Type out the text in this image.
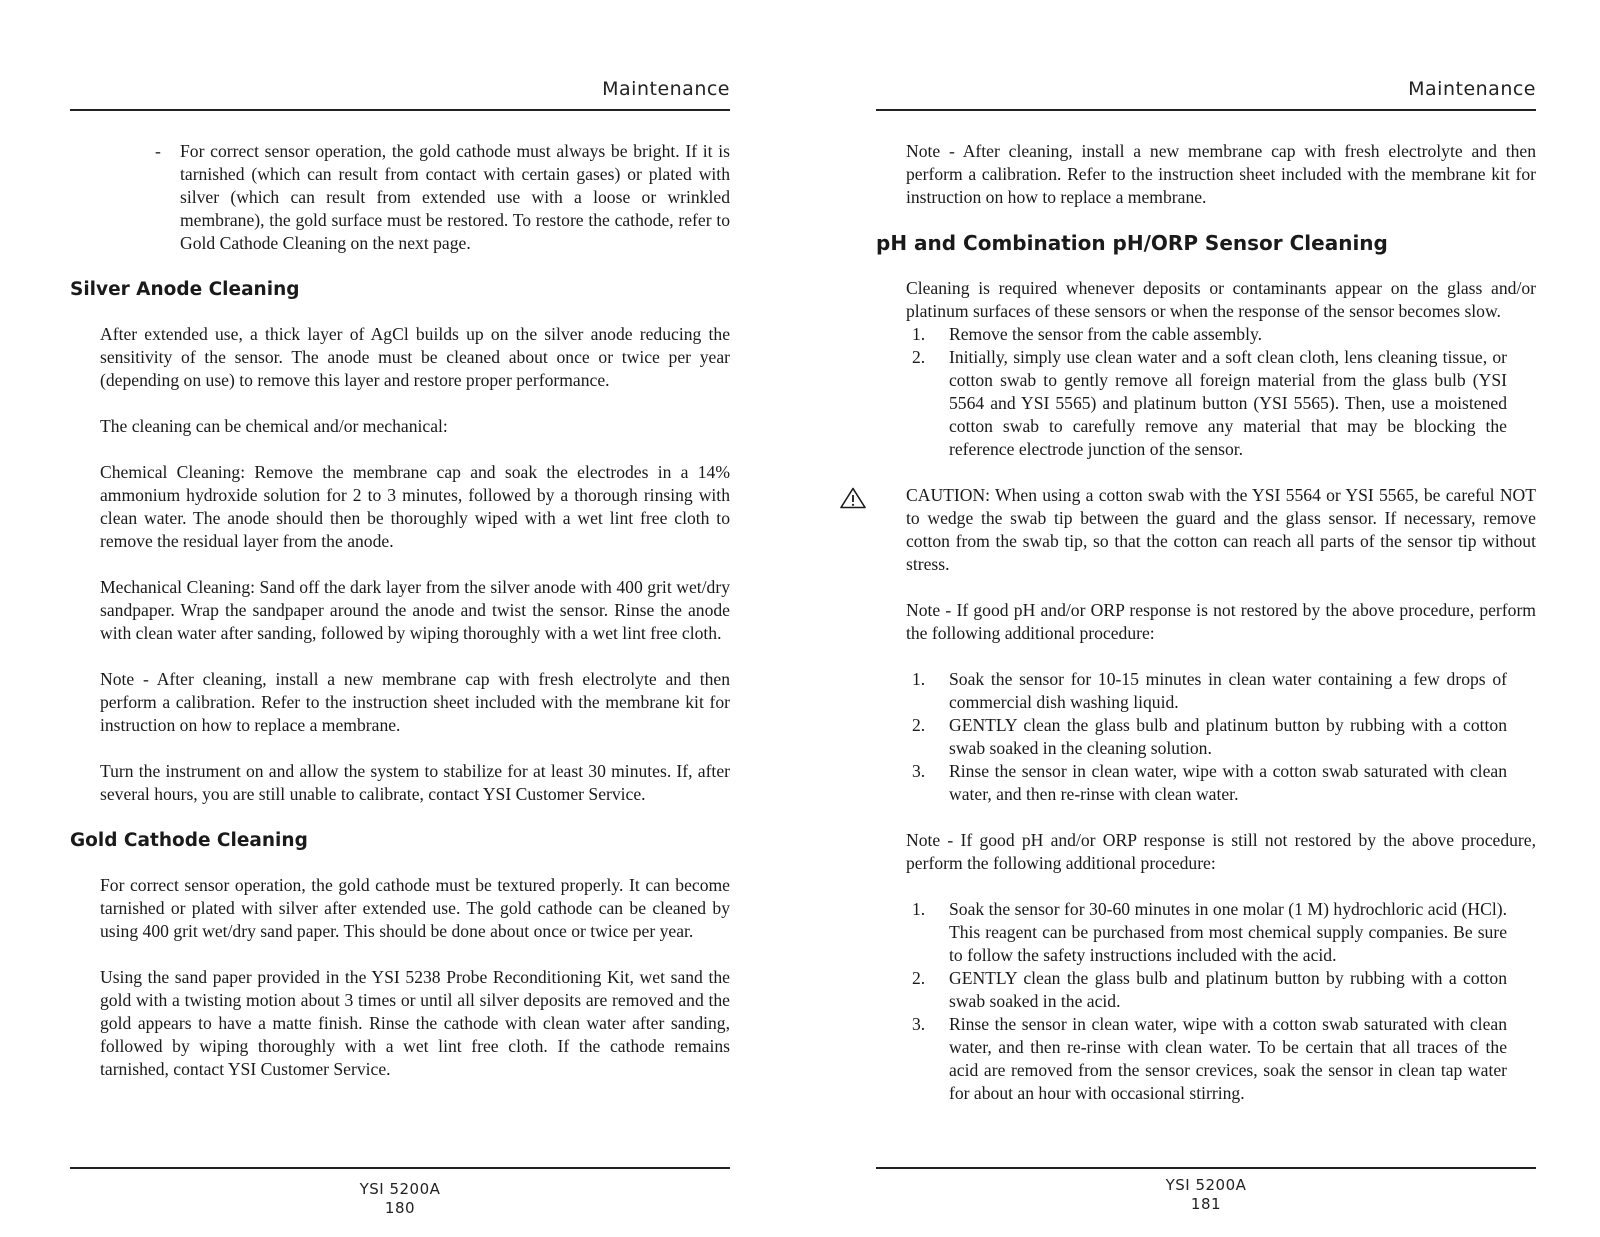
Maintenance
-	For correct sensor operation, the gold cathode must always be bright. If it is tarnished (which can result from contact with certain gases) or plated with silver (which can result from extended use with a loose or wrinkled membrane), the gold surface must be restored. To restore the cathode, refer to Gold Cathode Cleaning on the next page.

Silver Anode Cleaning

After extended use, a thick layer of AgCl builds up on the silver anode reducing the sensitivity of the sensor. The anode must be cleaned about once or twice per year (depending on use) to remove this layer and restore proper performance.

The cleaning can be chemical and/or mechanical:

Chemical Cleaning: Remove the membrane cap and soak the electrodes in a 14% ammonium hydroxide solution for 2 to 3 minutes, followed by a thorough rinsing with clean water. The anode should then be thoroughly wiped with a wet lint free cloth to remove the residual layer from the anode.

Mechanical Cleaning: Sand off the dark layer from the silver anode with 400 grit wet/dry sandpaper. Wrap the sandpaper around the anode and twist the sensor. Rinse the anode with clean water after sanding, followed by wiping thoroughly with a wet lint free cloth.

Note - After cleaning, install a new membrane cap with fresh electrolyte and then perform a calibration. Refer to the instruction sheet included with the membrane kit for instruction on how to replace a membrane.

Turn the instrument on and allow the system to stabilize for at least 30 minutes. If, after several hours, you are still unable to calibrate, contact YSI Customer Service.

Gold Cathode Cleaning

For correct sensor operation, the gold cathode must be textured properly. It can become tarnished or plated with silver after extended use. The gold cathode can be cleaned by using 400 grit wet/dry sand paper. This should be done about once or twice per year.

Using the sand paper provided in the YSI 5238 Probe Reconditioning Kit, wet sand the gold with a twisting motion about 3 times or until all silver deposits are removed and the gold appears to have a matte finish. Rinse the cathode with clean water after sanding, followed by wiping thoroughly with a wet lint free cloth. If the cathode remains tarnished, contact YSI Customer Service.

YSI 5200A
180
Maintenance

Note - After cleaning, install a new membrane cap with fresh electrolyte and then perform a calibration. Refer to the instruction sheet included with the membrane kit for instruction on how to replace a membrane.

pH and Combination pH/ORP Sensor Cleaning

Cleaning is required whenever deposits or contaminants appear on the glass and/or platinum surfaces of these sensors or when the response of the sensor becomes slow.

1.	Remove the sensor from the cable assembly.
2.	Initially, simply use clean water and a soft clean cloth, lens cleaning tissue, or cotton swab to gently remove all foreign material from the glass bulb (YSI 5564 and YSI 5565) and platinum button (YSI 5565). Then, use a moistened cotton swab to carefully remove any material that may be blocking the reference electrode junction of the sensor.

CAUTION: When using a cotton swab with the YSI 5564 or YSI 5565, be careful NOT to wedge the swab tip between the guard and the glass sensor. If necessary, remove cotton from the swab tip, so that the cotton can reach all parts of the sensor tip without stress.

Note - If good pH and/or ORP response is not restored by the above procedure, perform the following additional procedure:

1.	Soak the sensor for 10-15 minutes in clean water containing a few drops of commercial dish washing liquid.
2.	GENTLY clean the glass bulb and platinum button by rubbing with a cotton swab soaked in the cleaning solution.
3.	Rinse the sensor in clean water, wipe with a cotton swab saturated with clean water, and then re-rinse with clean water.

Note - If good pH and/or ORP response is still not restored by the above procedure, perform the following additional procedure:

1.	Soak the sensor for 30-60 minutes in one molar (1 M) hydrochloric acid (HCl). This reagent can be purchased from most chemical supply companies. Be sure to follow the safety instructions included with the acid.
2.	GENTLY clean the glass bulb and platinum button by rubbing with a cotton swab soaked in the acid.
3.	Rinse the sensor in clean water, wipe with a cotton swab saturated with clean water, and then re-rinse with clean water. To be certain that all traces of the acid are removed from the sensor crevices, soak the sensor in clean tap water for about an hour with occasional stirring.
YSI 5200A
181
